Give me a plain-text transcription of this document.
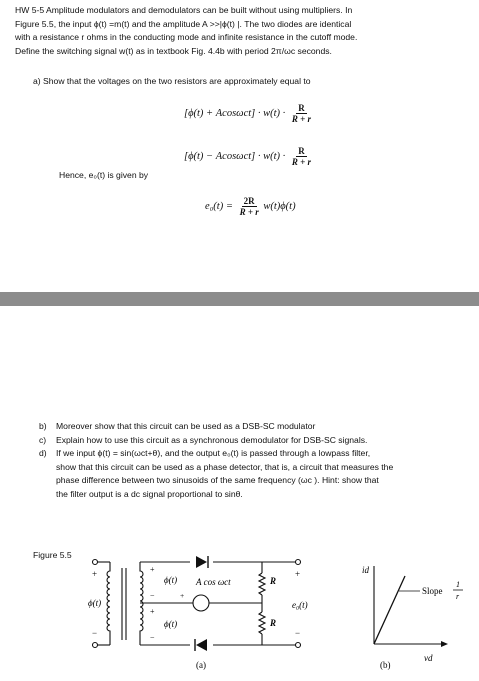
HW 5-5 Amplitude modulators and demodulators can be built without using multipliers. In
Figure 5.5, the input ϕ(t) =m(t) and the amplitude A >>|ϕ(t) |. The two diodes are identical
with a resistance r ohms in the conducting mode and infinite resistance in the cutoff mode.
Define the switching signal w(t) as in textbook Fig. 4.4b with period 2π/ωc seconds.
a) Show that the voltages on the two resistors are approximately equal to
$[\phi(t) + Acos\omega ct] \cdot w(t) \cdot \frac{R}{R + r}$
$[\phi(t) - Acos\omega ct] \cdot w(t) \cdot \frac{R}{R + r}$
Hence, e₀(t) is given by
$e_0(t) = \frac{2R}{R + r} w(t)\phi(t)$
b) Moreover show that this circuit can be used as a DSB-SC modulator
c) Explain how to use this circuit as a synchronous demodulator for DSB-SC signals.
d) If we input ϕ(t) = sin(ωct+θ), and the output e₀(t) is passed through a lowpass filter,
show that this circuit can be used as a phase detector, that is, a circuit that measures the
phase difference between two sinusoids of the same frequency (ωc ). Hint: show that
the filter output is a dc signal proportional to sinθ.
Figure 5.5
ϕ(t)
+
−
ϕ(t)
ϕ(t)
+
−
+
−
+
A cos ωct	R
R
e₀(t)
+
−
(a)
id
vd
Slope
1
r
(b)
